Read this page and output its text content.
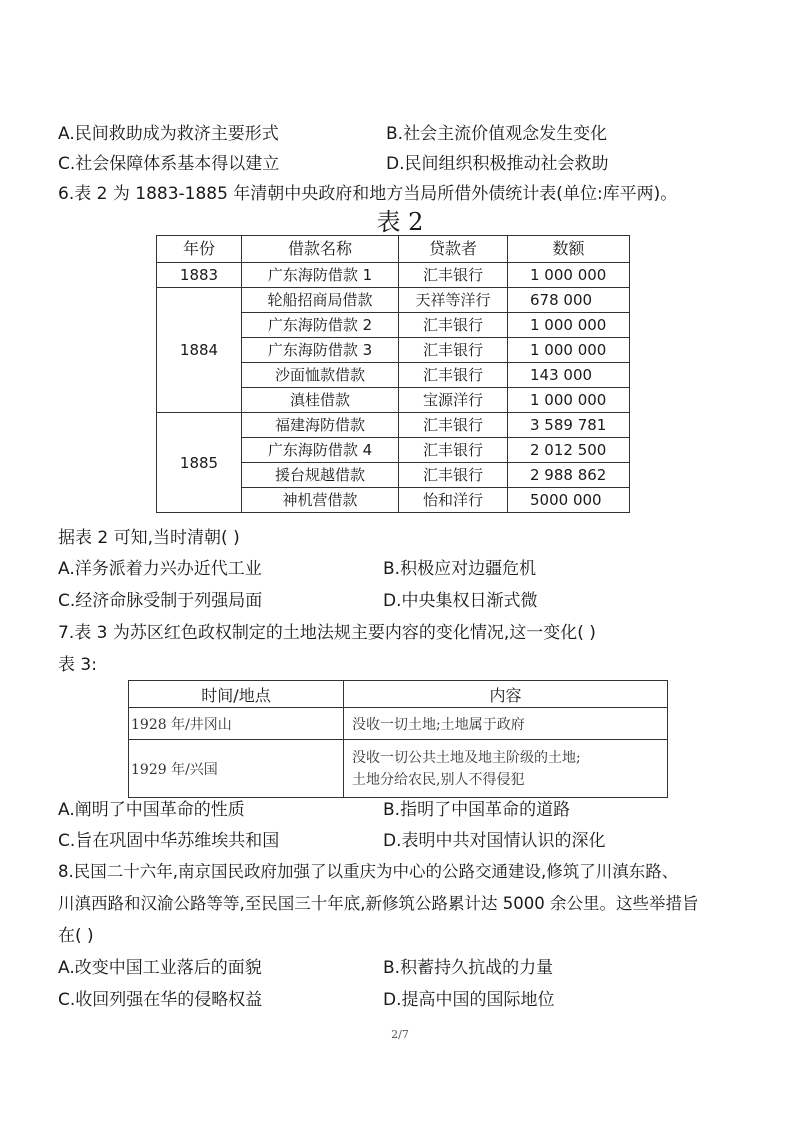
A.民间救助成为救济主要形式	B.社会主流价值观念发生变化
C.社会保障体系基本得以建立	D.民间组织积极推动社会救助
6.表 2 为 1883-1885 年清朝中央政府和地方当局所借外债统计表(单位:库平两)。
表 2
年份	借款名称	贷款者	数额
1883	广东海防借款 1	汇丰银行	1 000 000
1884	轮船招商局借款	天祥等洋行	678 000
	广东海防借款 2	汇丰银行	1 000 000
	广东海防借款 3	汇丰银行	1 000 000
	沙面恤款借款	汇丰银行	143 000
	滇桂借款	宝源洋行	1 000 000
1885	福建海防借款	汇丰银行	3 589 781
	广东海防借款 4	汇丰银行	2 012 500
	援台规越借款	汇丰银行	2 988 862
	神机营借款	怡和洋行	5000 000
据表 2 可知,当时清朝( )
A.洋务派着力兴办近代工业	B.积极应对边疆危机
C.经济命脉受制于列强局面	D.中央集权日渐式微
7.表 3 为苏区红色政权制定的土地法规主要内容的变化情况,这一变化( )
表 3:
时间/地点	内容
1928 年/井冈山	没收一切土地;土地属于政府

1929 年/兴国	没收一切公共土地及地主阶级的土地;
土地分给农民,别人不得侵犯
A.阐明了中国革命的性质	B.指明了中国革命的道路
C.旨在巩固中华苏维埃共和国	D.表明中共对国情认识的深化
8.民国二十六年,南京国民政府加强了以重庆为中心的公路交通建设,修筑了川滇东路、
川滇西路和汉渝公路等等,至民国三十年底,新修筑公路累计达 5000 余公里。这些举措旨
在( )
A.改变中国工业落后的面貌	B.积蓄持久抗战的力量
C.收回列强在华的侵略权益	D.提高中国的国际地位
2/7
